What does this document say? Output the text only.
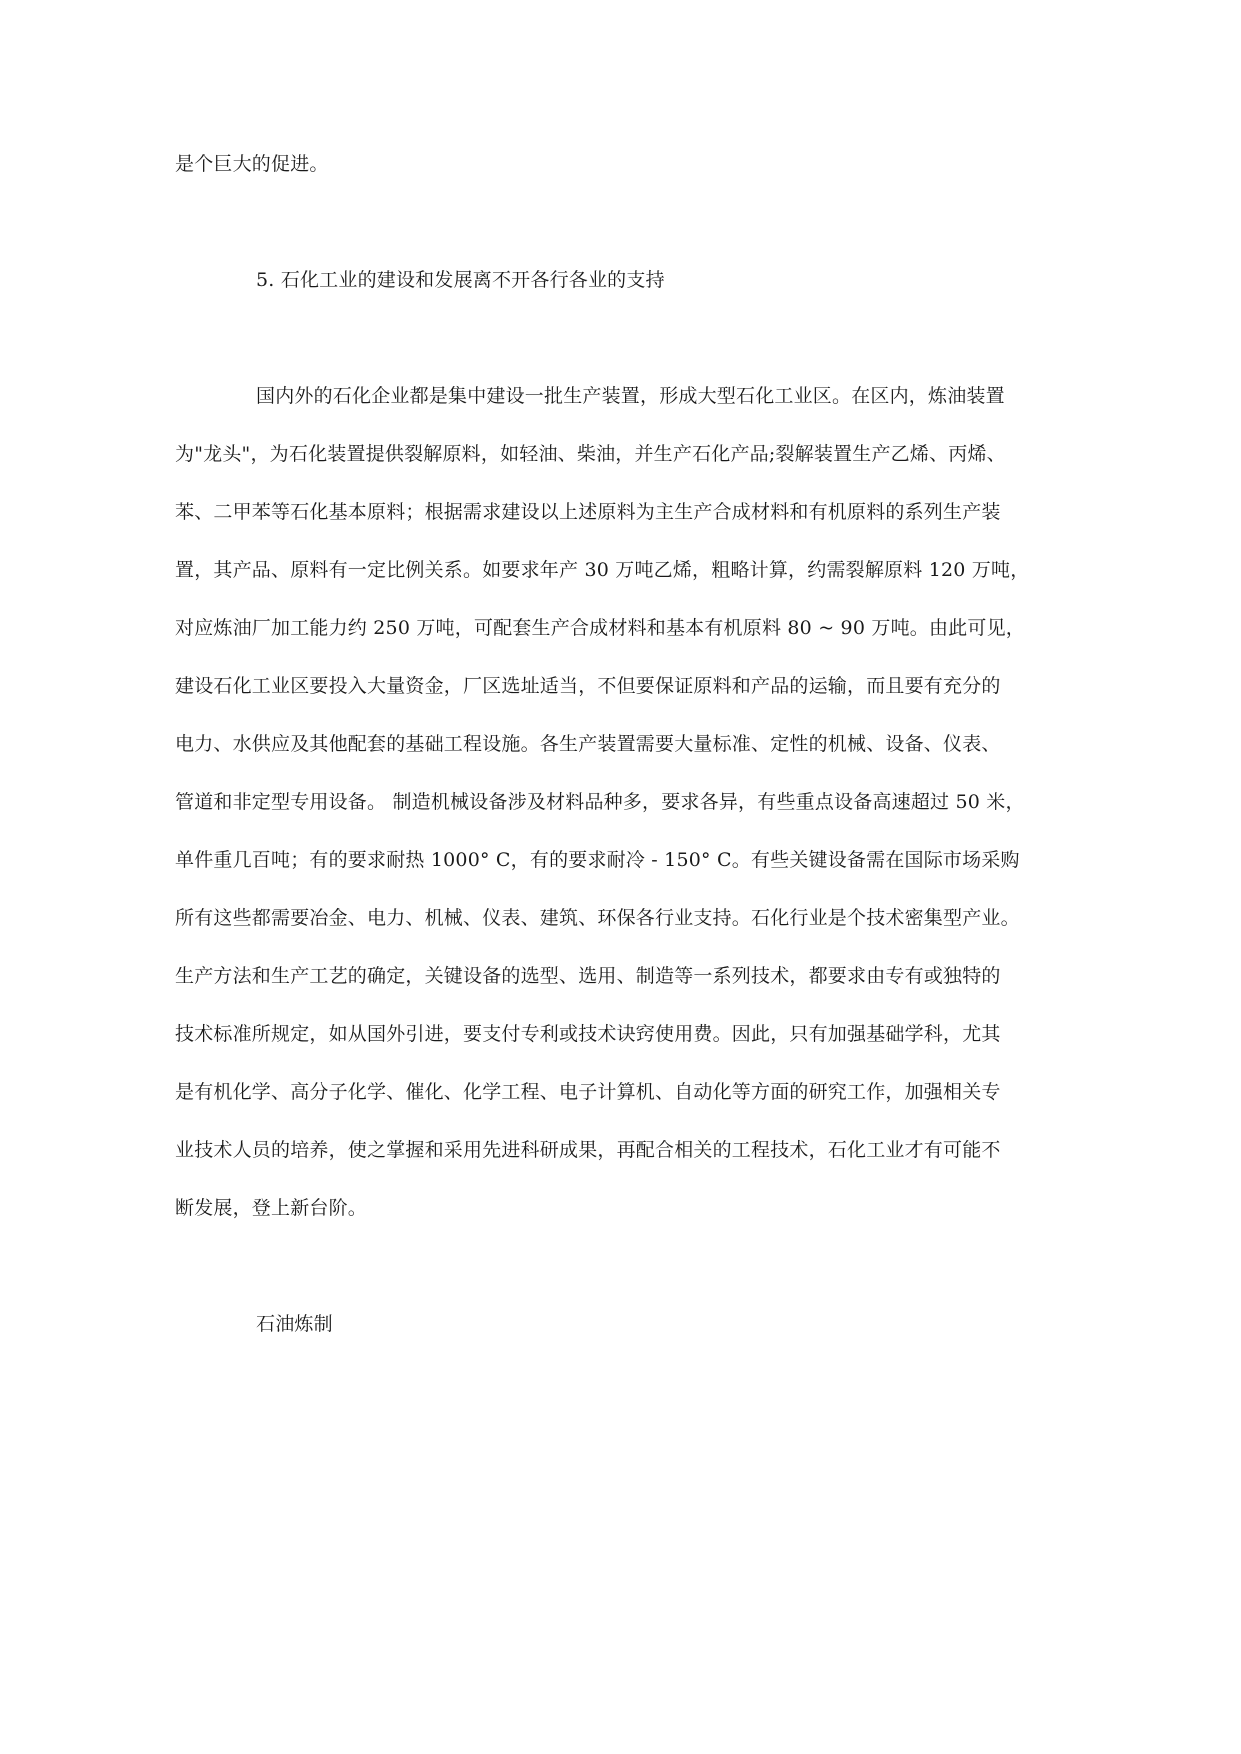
是个巨大的促进。
5. 石化工业的建设和发展离不开各行各业的支持
国内外的石化企业都是集中建设一批生产装置，形成大型石化工业区。在区内，炼油装置
为"龙头"，为石化装置提供裂解原料，如轻油、柴油，并生产石化产品;裂解装置生产乙烯、丙烯、
苯、二甲苯等石化基本原料；根据需求建设以上述原料为主生产合成材料和有机原料的系列生产装
置，其产品、原料有一定比例关系。如要求年产 30 万吨乙烯，粗略计算，约需裂解原料 120 万吨，
对应炼油厂加工能力约 250 万吨，可配套生产合成材料和基本有机原料 80 ~ 90 万吨。由此可见，
建设石化工业区要投入大量资金，厂区选址适当，不但要保证原料和产品的运输，而且要有充分的
电力、水供应及其他配套的基础工程设施。各生产装置需要大量标准、定性的机械、设备、仪表、
管道和非定型专用设备。 制造机械设备涉及材料品种多，要求各异，有些重点设备高速超过 50 米，
单件重几百吨；有的要求耐热 1000° C，有的要求耐冷 - 150° C。有些关键设备需在国际市场采购
所有这些都需要冶金、电力、机械、仪表、建筑、环保各行业支持。石化行业是个技术密集型产业。
生产方法和生产工艺的确定，关键设备的选型、选用、制造等一系列技术，都要求由专有或独特的
技术标准所规定，如从国外引进，要支付专利或技术诀窍使用费。因此，只有加强基础学科，尤其
是有机化学、高分子化学、催化、化学工程、电子计算机、自动化等方面的研究工作，加强相关专
业技术人员的培养，使之掌握和采用先进科研成果，再配合相关的工程技术，石化工业才有可能不
断发展，登上新台阶。
石油炼制
